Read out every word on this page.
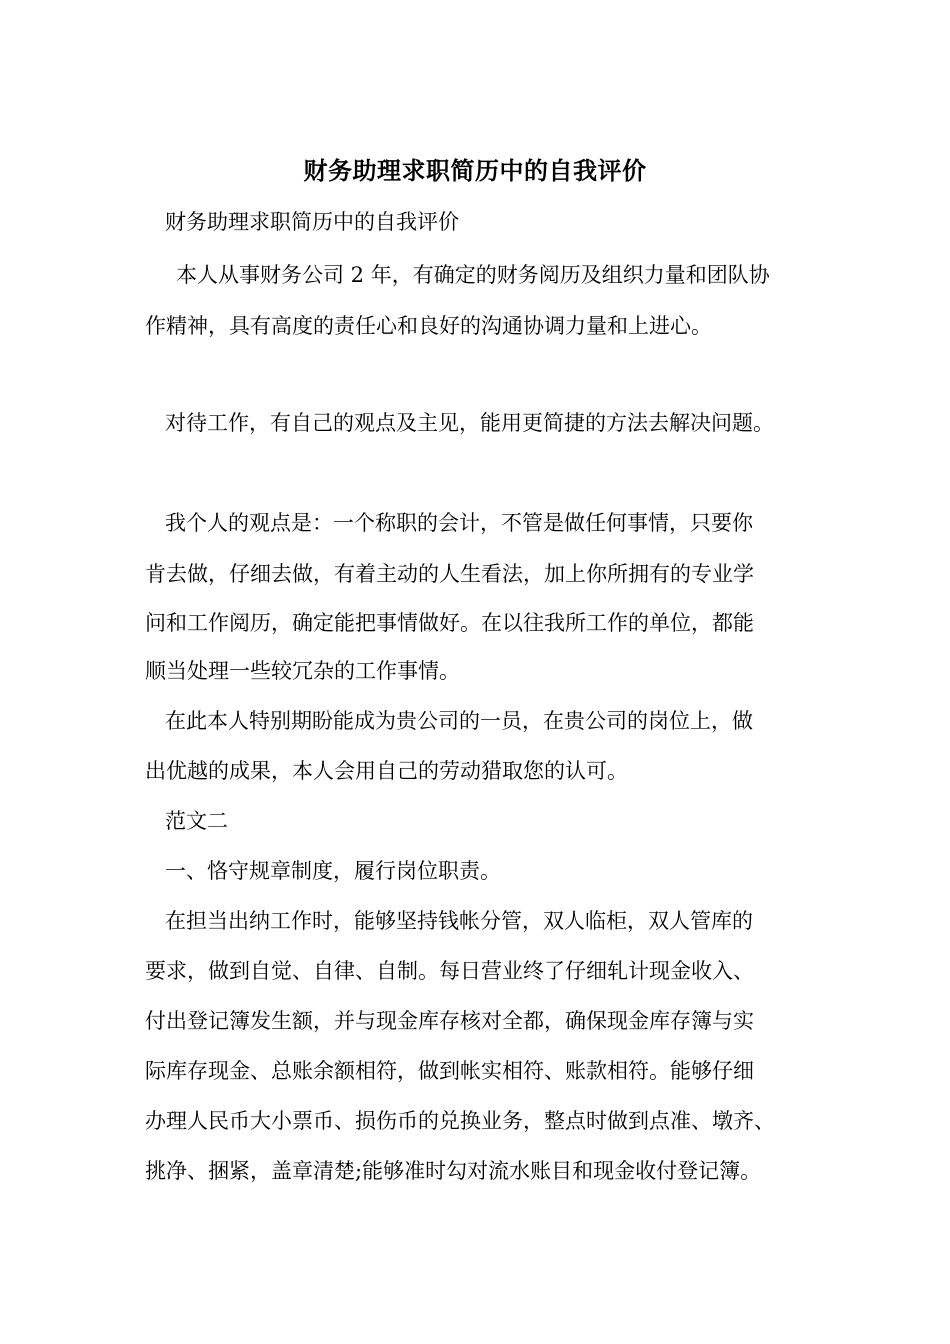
财务助理求职简历中的自我评价
财务助理求职简历中的自我评价
本人从事财务公司 2 年，有确定的财务阅历及组织力量和团队协
作精神，具有高度的责任心和良好的沟通协调力量和上进心。
对待工作，有自己的观点及主见，能用更简捷的方法去解决问题。
我个人的观点是：一个称职的会计，不管是做任何事情，只要你
肯去做，仔细去做，有着主动的人生看法，加上你所拥有的专业学
问和工作阅历，确定能把事情做好。在以往我所工作的单位，都能
顺当处理一些较冗杂的工作事情。
在此本人特别期盼能成为贵公司的一员，在贵公司的岗位上，做
出优越的成果，本人会用自己的劳动猎取您的认可。
范文二
一、恪守规章制度，履行岗位职责。
在担当出纳工作时，能够坚持钱帐分管，双人临柜，双人管库的
要求，做到自觉、自律、自制。每日营业终了仔细轧计现金收入、
付出登记簿发生额，并与现金库存核对全都，确保现金库存簿与实
际库存现金、总账余额相符，做到帐实相符、账款相符。能够仔细
办理人民币大小票币、损伤币的兑换业务，整点时做到点准、墩齐、
挑净、捆紧，盖章清楚;能够准时勾对流水账目和现金收付登记簿。
